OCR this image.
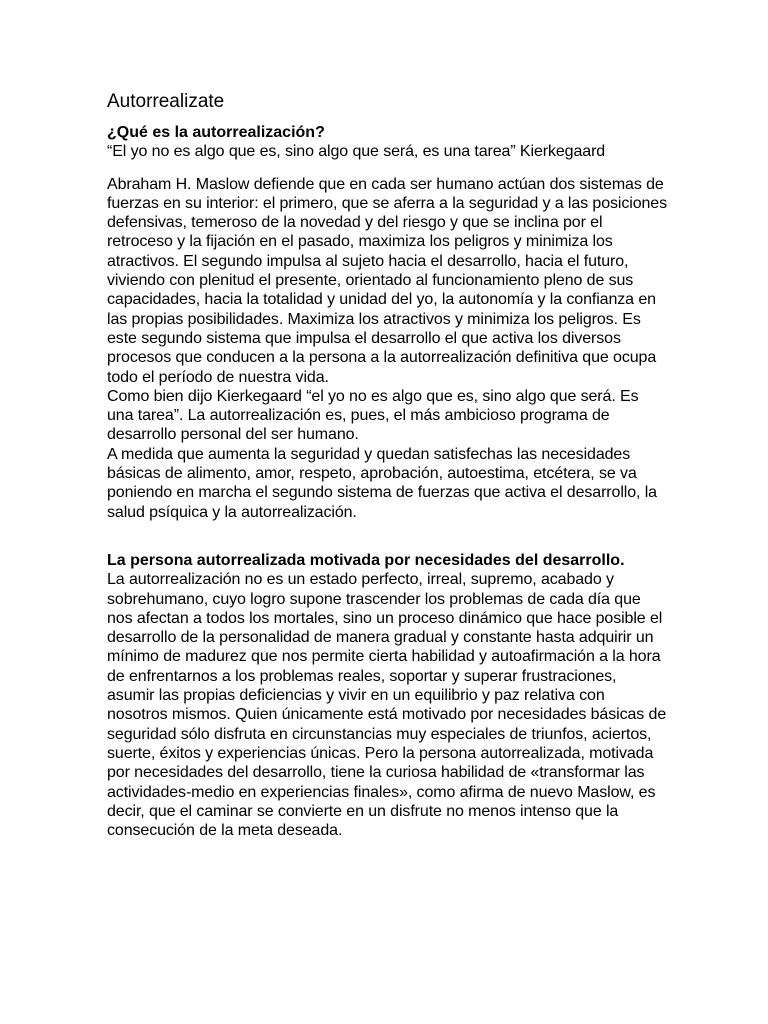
Autorrealizate

¿Qué es la autorrealización?

“El yo no es algo que es, sino algo que será, es una tarea” Kierkegaard

Abraham H. Maslow defiende que en cada ser humano actúan dos sistemas de fuerzas en su interior: el primero, que se aferra a la seguridad y a las posiciones defensivas, temeroso de la novedad y del riesgo y que se inclina por el retroceso y la fijación en el pasado, maximiza los peligros y minimiza los atractivos. El segundo impulsa al sujeto hacia el desarrollo, hacia el futuro, viviendo con plenitud el presente, orientado al funcionamiento pleno de sus capacidades, hacia la totalidad y unidad del yo, la autonomía y la confianza en las propias posibilidades. Maximiza los atractivos y minimiza los peligros. Es este segundo sistema que impulsa el desarrollo el que activa los diversos procesos que conducen a la persona a la autorrealización definitiva que ocupa todo el período de nuestra vida.

Como bien dijo Kierkegaard “el yo no es algo que es, sino algo que será. Es una tarea”. La autorrealización es, pues, el más ambicioso programa de desarrollo personal del ser humano.

A medida que aumenta la seguridad y quedan satisfechas las necesidades básicas de alimento, amor, respeto, aprobación, autoestima, etcétera, se va poniendo en marcha el segundo sistema de fuerzas que activa el desarrollo, la salud psíquica y la autorrealización.

La persona autorrealizada motivada por necesidades del desarrollo.

La autorrealización no es un estado perfecto, irreal, supremo, acabado y sobrehumano, cuyo logro supone trascender los problemas de cada día que nos afectan a todos los mortales, sino un proceso dinámico que hace posible el desarrollo de la personalidad de manera gradual y constante hasta adquirir un mínimo de madurez que nos permite cierta habilidad y autoafirmación a la hora de enfrentarnos a los problemas reales, soportar y superar frustraciones, asumir las propias deficiencias y vivir en un equilibrio y paz relativa con nosotros mismos. Quien únicamente está motivado por necesidades básicas de seguridad sólo disfruta en circunstancias muy especiales de triunfos, aciertos, suerte, éxitos y experiencias únicas. Pero la persona autorrealizada, motivada por necesidades del desarrollo, tiene la curiosa habilidad de «transformar las actividades-medio en experiencias finales», como afirma de nuevo Maslow, es decir, que el caminar se convierte en un disfrute no menos intenso que la consecución de la meta deseada.
